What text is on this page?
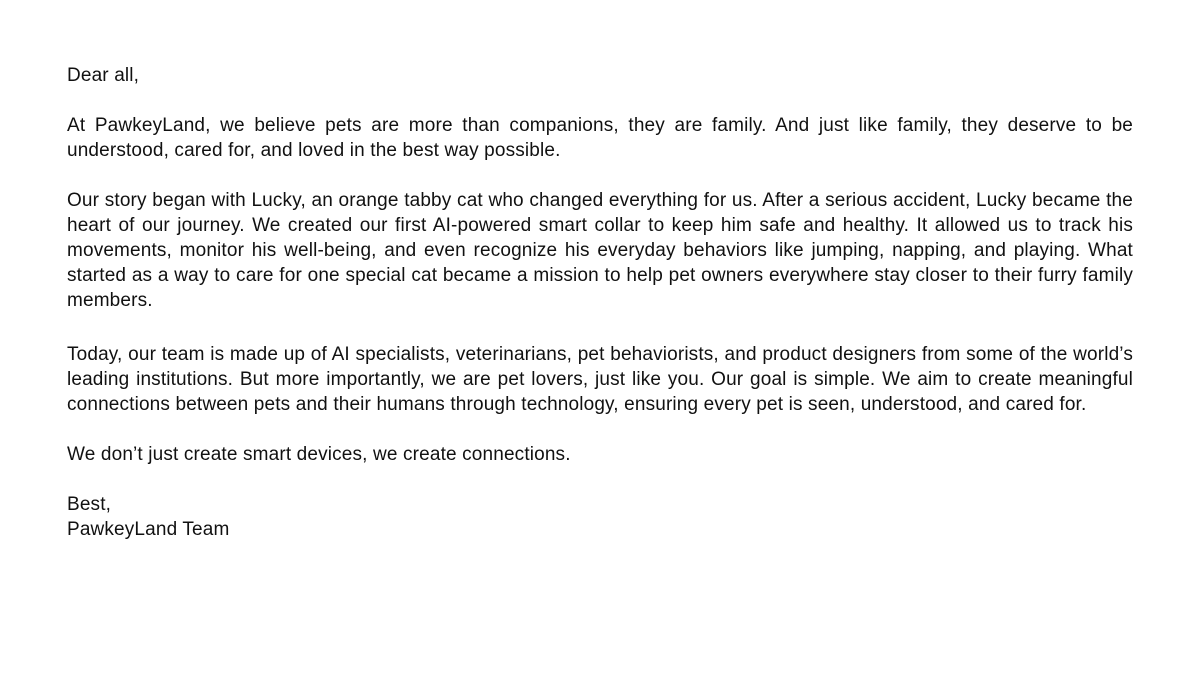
Dear all,

At PawkeyLand, we believe pets are more than companions, they are family. And just like family, they deserve to be understood, cared for, and loved in the best way possible.

Our story began with Lucky, an orange tabby cat who changed everything for us. After a serious accident, Lucky became the heart of our journey. We created our first AI-powered smart collar to keep him safe and healthy. It allowed us to track his movements, monitor his well-being, and even recognize his everyday behaviors like jumping, napping, and playing. What started as a way to care for one special cat became a mission to help pet owners everywhere stay closer to their furry family members.

Today, our team is made up of AI specialists, veterinarians, pet behaviorists, and product designers from some of the world’s leading institutions. But more importantly, we are pet lovers, just like you. Our goal is simple. We aim to create meaningful connections between pets and their humans through technology, ensuring every pet is seen, understood, and cared for.

We don’t just create smart devices, we create connections.

Best,
PawkeyLand Team
